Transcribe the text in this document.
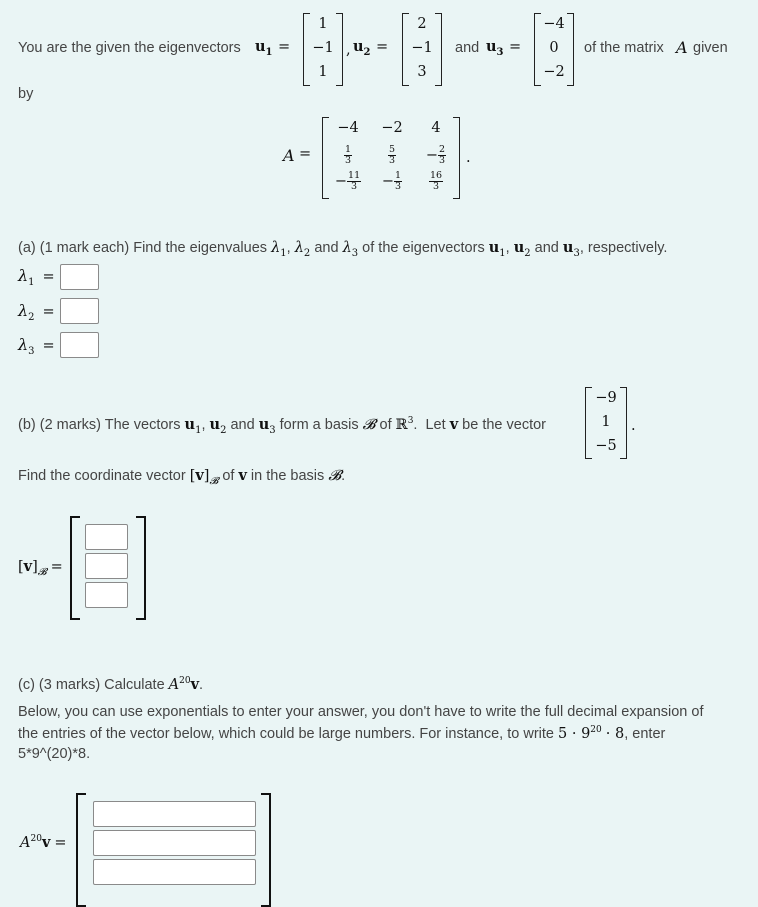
You are the given the eigenvectors $u_1$ =
1
−1
1
, $u_2$ =
2
−1
3
and $u_3$ =
−4
0
−2
of the matrix A given
by
A =
−4	−2	4
$\frac{1}{3}$	$\frac{5}{3}$	− $\frac{2}{3}$
− $\frac{11}{3}$	− $\frac{1}{3}$	$\frac{16}{3}$
.
(a) (1 mark each) Find the eigenvalues $\lambda_1$, $\lambda_2$ and $\lambda_3$ of the eigenvectors $u_1$, $u_2$ and $u_3$, respectively.
$\lambda_1$ =
$\lambda_2$ =
$\lambda_3$ =
(b) (2 marks) The vectors $u_1$, $u_2$ and $u_3$ form a basis 𝓑 of ℝ$^3$. Let v be the vector
−9
1
−5
.
Find the coordinate vector $[v]_𝓑$ of v in the basis 𝓑.
$[v]_𝓑$ =
(c) (3 marks) Calculate $A^{20}v$.
Below, you can use exponentials to enter your answer, you don't have to write the full decimal expansion of
the entries of the vector below, which could be large numbers. For instance, to write $5 \cdot 9^{20} \cdot 8$, enter
5*9^(20)*8.
$A^{20}v$ =
